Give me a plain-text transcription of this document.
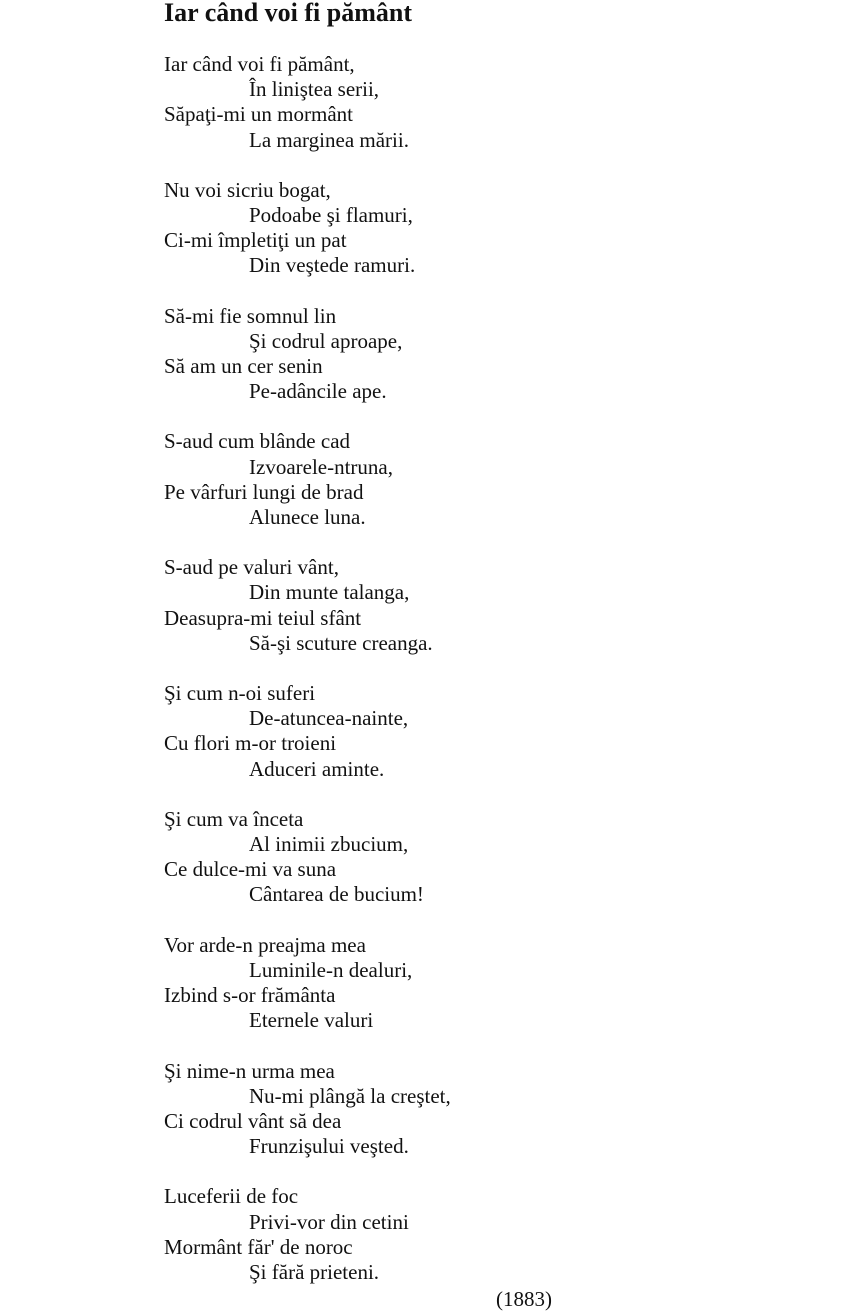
Iar când voi fi pământ
Iar când voi fi pământ,
În liniştea serii,
Săpaţi-mi un mormânt
La marginea mării.
Nu voi sicriu bogat,
Podoabe şi flamuri,
Ci-mi împletiţi un pat
Din veştede ramuri.
Să-mi fie somnul lin
Şi codrul aproape,
Să am un cer senin
Pe-adâncile ape.
S-aud cum blânde cad
Izvoarele-ntruna,
Pe vârfuri lungi de brad
Alunece luna.
S-aud pe valuri vânt,
Din munte talanga,
Deasupra-mi teiul sfânt
Să-şi scuture creanga.
Şi cum n-oi suferi
De-atuncea-nainte,
Cu flori m-or troieni
Aduceri aminte.
Şi cum va înceta
Al inimii zbucium,
Ce dulce-mi va suna
Cântarea de bucium!
Vor arde-n preajma mea
Luminile-n dealuri,
Izbind s-or frământa
Eternele valuri
Şi nime-n urma mea
Nu-mi plângă la creştet,
Ci codrul vânt să dea
Frunzişului veşted.
Luceferii de foc
Privi-vor din cetini
Mormânt făr' de noroc
Şi fără prieteni.
(1883)
